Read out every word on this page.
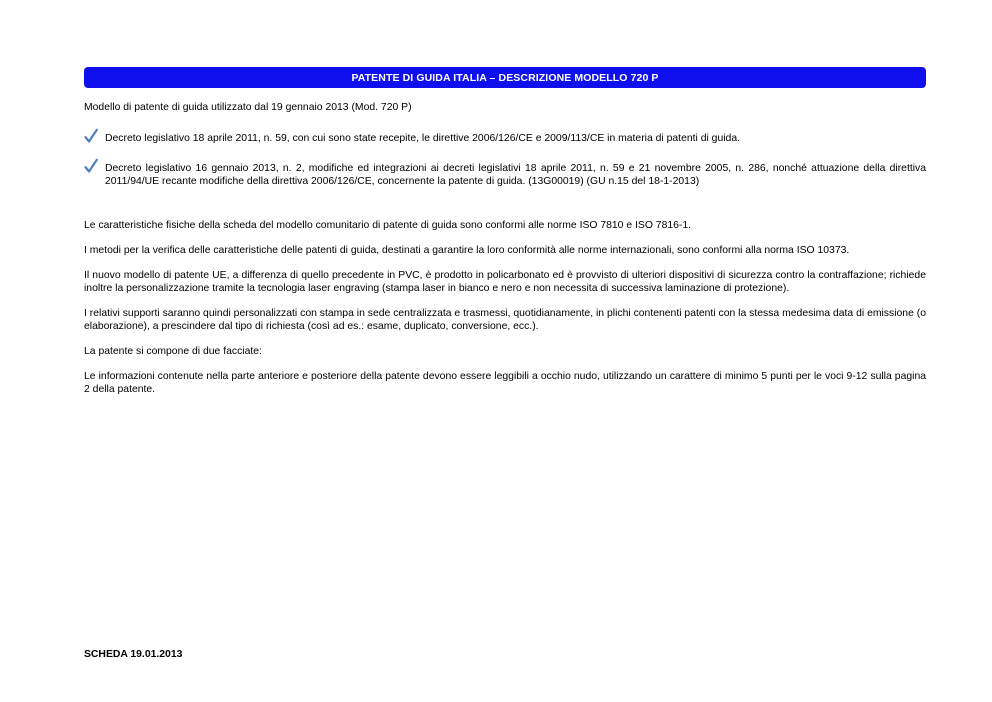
PATENTE DI GUIDA ITALIA – DESCRIZIONE MODELLO 720 P

Modello di patente di guida utilizzato dal 19 gennaio 2013 (Mod. 720 P)

Decreto legislativo 18 aprile 2011, n. 59, con cui sono state recepite, le direttive 2006/126/CE e 2009/113/CE in materia di patenti di guida.
Decreto legislativo 16 gennaio 2013, n. 2, modifiche ed integrazioni ai decreti legislativi 18 aprile 2011, n. 59 e 21 novembre 2005, n. 286, nonché attuazione della direttiva 2011/94/UE recante modifiche della direttiva 2006/126/CE, concernente la patente di guida. (13G00019) (GU n.15 del 18-1-2013)

Le caratteristiche fisiche della scheda del modello comunitario di patente di guida sono conformi alle norme ISO 7810 e ISO 7816-1.

I metodi per la verifica delle caratteristiche delle patenti di guida, destinati a garantire la loro conformità alle norme internazionali, sono conformi alla norma ISO 10373.

Il nuovo modello di patente UE, a differenza di quello precedente in PVC, è prodotto in policarbonato ed è provvisto di ulteriori dispositivi di sicurezza contro la contraffazione; richiede inoltre la personalizzazione tramite la tecnologia laser engraving (stampa laser in bianco e nero e non necessita di successiva laminazione di protezione).

I relativi supporti saranno quindi personalizzati con stampa in sede centralizzata e trasmessi, quotidianamente, in plichi contenenti patenti con la stessa medesima data di emissione (o elaborazione), a prescindere dal tipo di richiesta (così ad es.: esame, duplicato, conversione, ecc.).

La patente si compone di due facciate:

Le informazioni contenute nella parte anteriore e posteriore della patente devono essere leggibili a occhio nudo, utilizzando un carattere di minimo 5 punti per le voci 9-12 sulla pagina 2 della patente.

SCHEDA 19.01.2013
